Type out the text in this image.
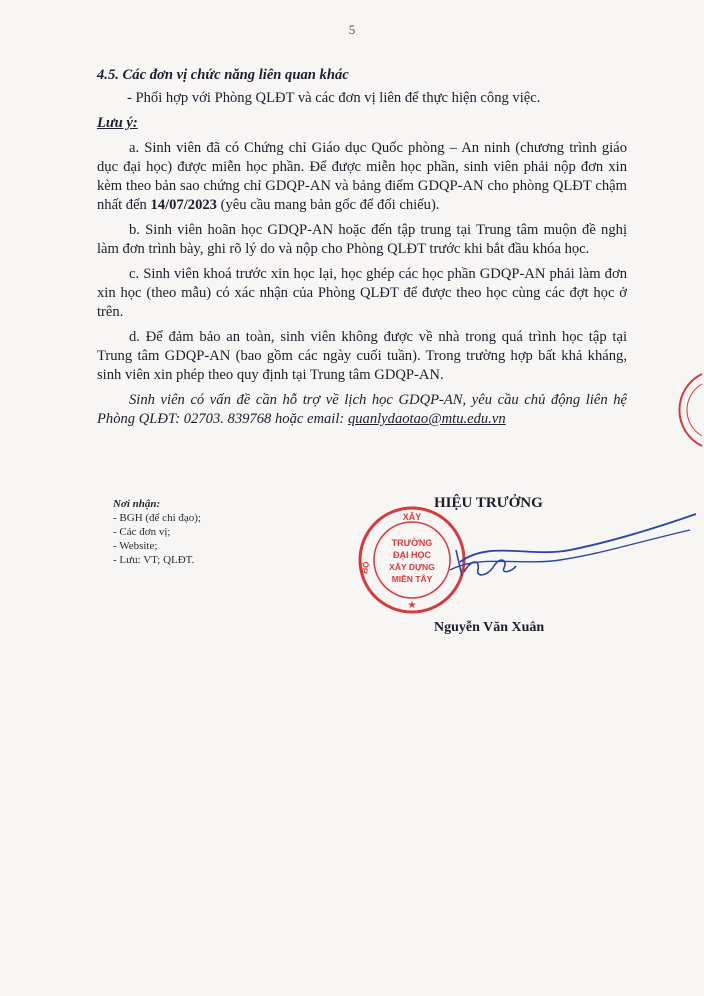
5

4.5. Các đơn vị chức năng liên quan khác

- Phối hợp với Phòng QLĐT và các đơn vị liên để thực hiện công việc.

Lưu ý:

a. Sinh viên đã có Chứng chỉ Giáo dục Quốc phòng – An ninh (chương trình giáo dục đại học) được miễn học phần. Để được miễn học phần, sinh viên phải nộp đơn xin kèm theo bản sao chứng chỉ GDQP-AN và bảng điểm GDQP-AN cho phòng QLĐT chậm nhất đến 14/07/2023 (yêu cầu mang bản gốc để đối chiếu).

b. Sinh viên hoãn học GDQP-AN hoặc đến tập trung tại Trung tâm muộn đề nghị làm đơn trình bày, ghi rõ lý do và nộp cho Phòng QLĐT trước khi bắt đầu khóa học.

c. Sinh viên khoá trước xin học lại, học ghép các học phần GDQP-AN phải làm đơn xin học (theo mẫu) có xác nhận của Phòng QLĐT để được theo học cùng các đợt học ở trên.

d. Để đảm bảo an toàn, sinh viên không được về nhà trong quá trình học tập tại Trung tâm GDQP-AN (bao gồm các ngày cuối tuần). Trong trường hợp bất khả kháng, sinh viên xin phép theo quy định tại Trung tâm GDQP-AN.

Sinh viên có vấn đề cần hỗ trợ về lịch học GDQP-AN, yêu cầu chủ động liên hệ Phòng QLĐT: 02703. 839768 hoặc email: quanlydaotao@mtu.edu.vn

Nơi nhận:
- BGH (để chỉ đạo);
- Các đơn vị;
- Website;
- Lưu: VT; QLĐT.
HIỆU TRƯỞNG
XÂY
BỘ
TRƯỜNG
ĐẠI HỌC
XÂY DỰNG
MIỀN TÂY
★
Nguyễn Văn Xuân
